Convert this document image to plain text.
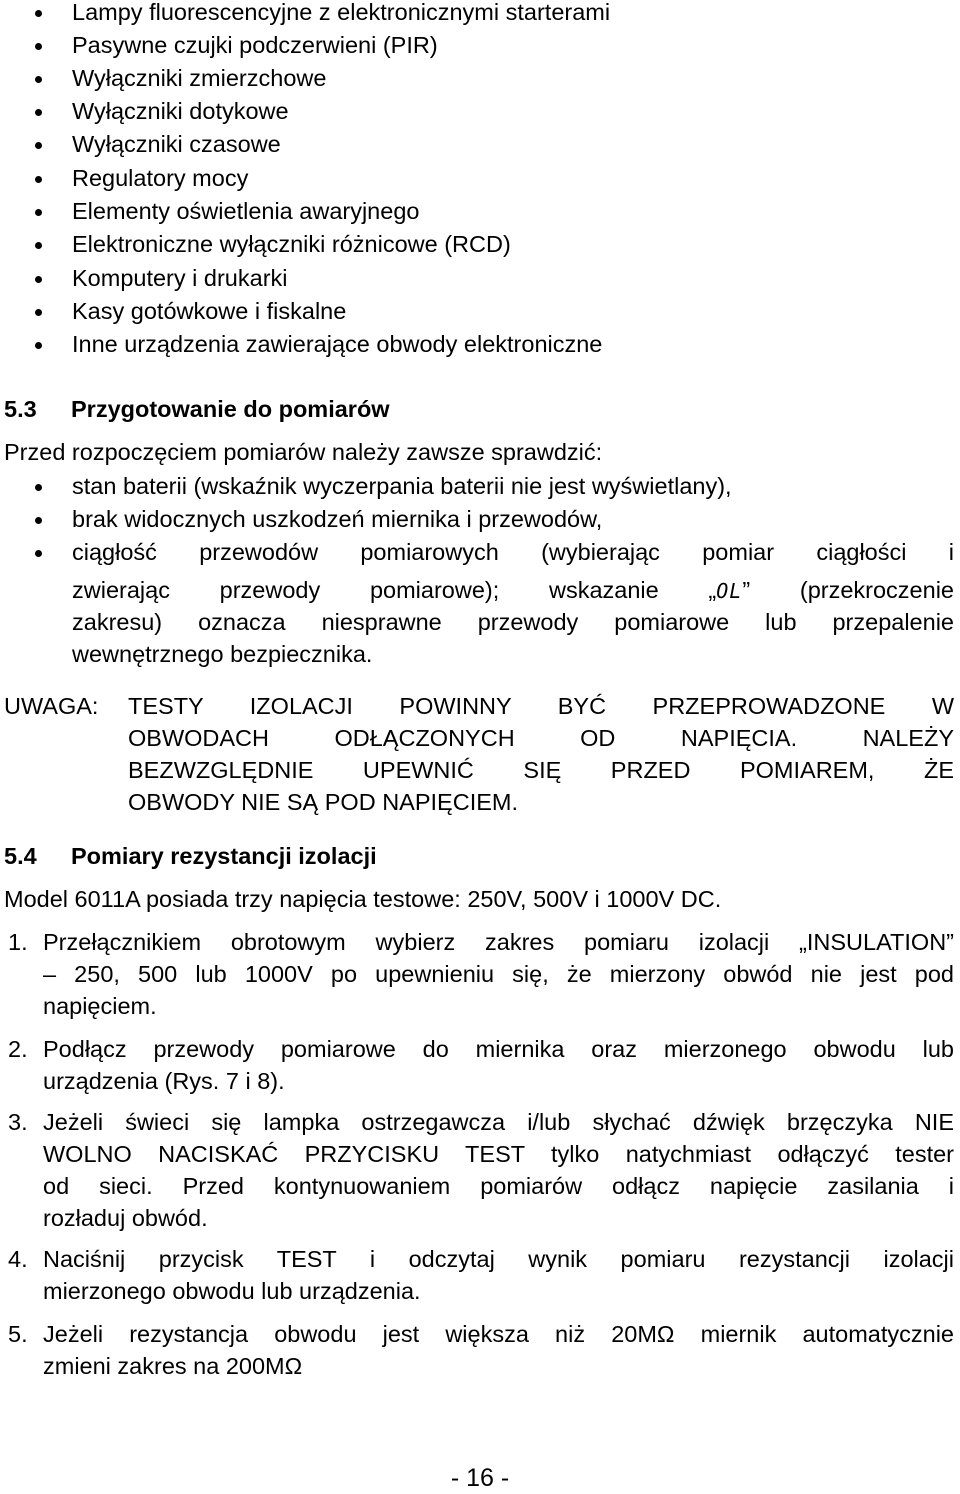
Lampy fluorescencyjne z elektronicznymi starterami
Pasywne czujki podczerwieni (PIR)
Wyłączniki zmierzchowe
Wyłączniki dotykowe
Wyłączniki czasowe
Regulatory mocy
Elementy oświetlenia awaryjnego
Elektroniczne wyłączniki różnicowe (RCD)
Komputery i drukarki
Kasy gotówkowe i fiskalne
Inne urządzenia zawierające obwody elektroniczne
5.3 Przygotowanie do pomiarów
Przed rozpoczęciem pomiarów należy zawsze sprawdzić:
stan baterii (wskaźnik wyczerpania baterii nie jest wyświetlany),
brak widocznych uszkodzeń miernika i przewodów,
ciągłość przewodów pomiarowych (wybierając pomiar ciągłości i
zwierając przewody pomiarowe); wskazanie „OL” (przekroczenie
zakresu) oznacza niesprawne przewody pomiarowe lub przepalenie
wewnętrznego bezpiecznika.
UWAGA: TESTY IZOLACJI POWINNY BYĆ PRZEPROWADZONE W
OBWODACH ODŁĄCZONYCH OD NAPIĘCIA. NALEŻY
BEZWZGLĘDNIE UPEWNIĆ SIĘ PRZED POMIAREM, ŻE
OBWODY NIE SĄ POD NAPIĘCIEM.
5.4 Pomiary rezystancji izolacji
Model 6011A posiada trzy napięcia testowe: 250V, 500V i 1000V DC.
1. Przełącznikiem obrotowym wybierz zakres pomiaru izolacji „INSULATION”
– 250, 500 lub 1000V po upewnieniu się, że mierzony obwód nie jest pod
napięciem.
2. Podłącz przewody pomiarowe do miernika oraz mierzonego obwodu lub
urządzenia (Rys. 7 i 8).
3. Jeżeli świeci się lampka ostrzegawcza i/lub słychać dźwięk brzęczyka NIE
WOLNO NACISKAĆ PRZYCISKU TEST tylko natychmiast odłączyć tester
od sieci. Przed kontynuowaniem pomiarów odłącz napięcie zasilania i
rozładuj obwód.
4. Naciśnij przycisk TEST i odczytaj wynik pomiaru rezystancji izolacji
mierzonego obwodu lub urządzenia.
5. Jeżeli rezystancja obwodu jest większa niż 20MΩ miernik automatycznie
zmieni zakres na 200MΩ
- 16 -
